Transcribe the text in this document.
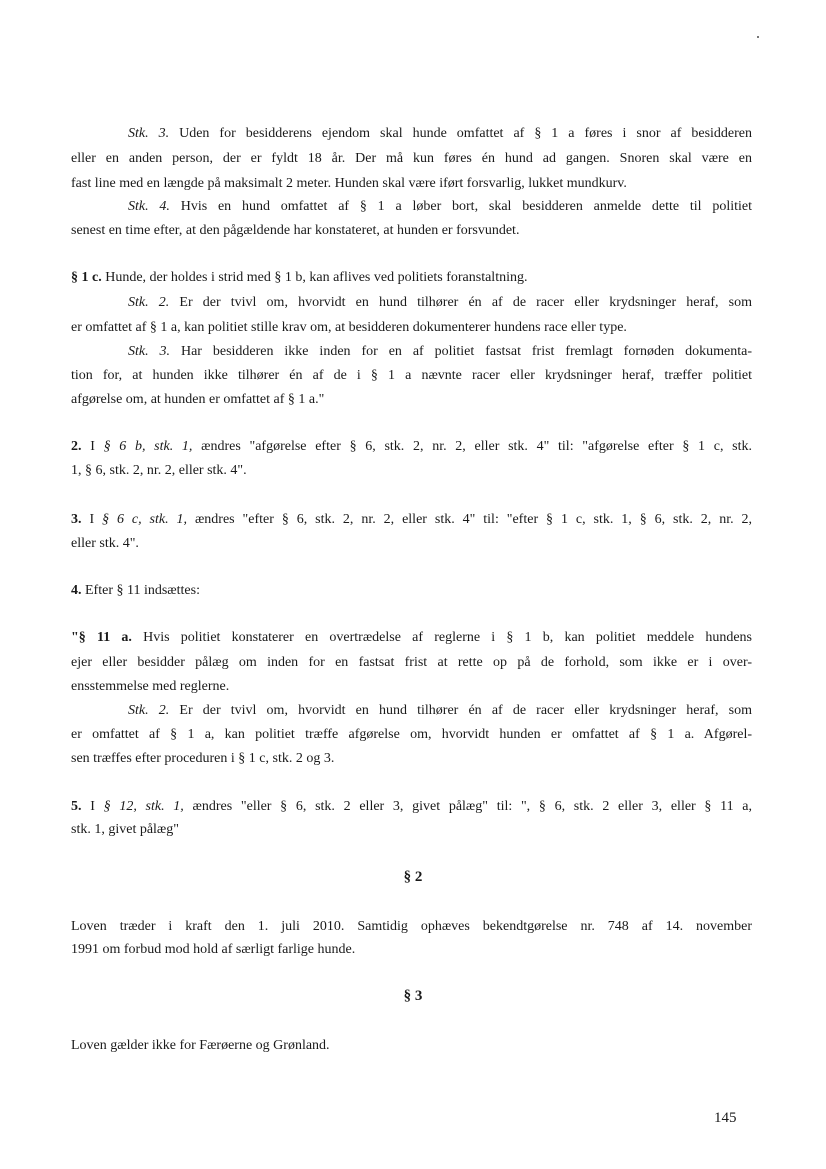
Stk. 3. Uden for besidderens ejendom skal hunde omfattet af § 1 a føres i snor af besidderen
eller en anden person, der er fyldt 18 år. Der må kun føres én hund ad gangen. Snoren skal være en
fast line med en længde på maksimalt 2 meter. Hunden skal være iført forsvarlig, lukket mundkurv.
Stk. 4. Hvis en hund omfattet af § 1 a løber bort, skal besidderen anmelde dette til politiet
senest en time efter, at den pågældende har konstateret, at hunden er forsvundet.
§ 1 c. Hunde, der holdes i strid med § 1 b, kan aflives ved politiets foranstaltning.
Stk. 2. Er der tvivl om, hvorvidt en hund tilhører én af de racer eller krydsninger heraf, som
er omfattet af § 1 a, kan politiet stille krav om, at besidderen dokumenterer hundens race eller type.
Stk. 3. Har besidderen ikke inden for en af politiet fastsat frist fremlagt fornøden dokumenta-
tion for, at hunden ikke tilhører én af de i § 1 a nævnte racer eller krydsninger heraf, træffer politiet
afgørelse om, at hunden er omfattet af § 1 a."
2. I § 6 b, stk. 1, ændres "afgørelse efter § 6, stk. 2, nr. 2, eller stk. 4" til: "afgørelse efter § 1 c, stk.
1, § 6, stk. 2, nr. 2, eller stk. 4".
3. I § 6 c, stk. 1, ændres "efter § 6, stk. 2, nr. 2, eller stk. 4" til: "efter § 1 c, stk. 1, § 6, stk. 2, nr. 2,
eller stk. 4".
4. Efter § 11 indsættes:
"§ 11 a. Hvis politiet konstaterer en overtrædelse af reglerne i § 1 b, kan politiet meddele hundens
ejer eller besidder pålæg om inden for en fastsat frist at rette op på de forhold, som ikke er i over-
ensstemmelse med reglerne.
Stk. 2. Er der tvivl om, hvorvidt en hund tilhører én af de racer eller krydsninger heraf, som
er omfattet af § 1 a, kan politiet træffe afgørelse om, hvorvidt hunden er omfattet af § 1 a. Afgørel-
sen træffes efter proceduren i § 1 c, stk. 2 og 3.
5. I § 12, stk. 1, ændres "eller § 6, stk. 2 eller 3, givet pålæg" til: ", § 6, stk. 2 eller 3, eller § 11 a,
stk. 1, givet pålæg"
§ 2
Loven træder i kraft den 1. juli 2010. Samtidig ophæves bekendtgørelse nr. 748 af 14. november
1991 om forbud mod hold af særligt farlige hunde.
§ 3
Loven gælder ikke for Færøerne og Grønland.
145
